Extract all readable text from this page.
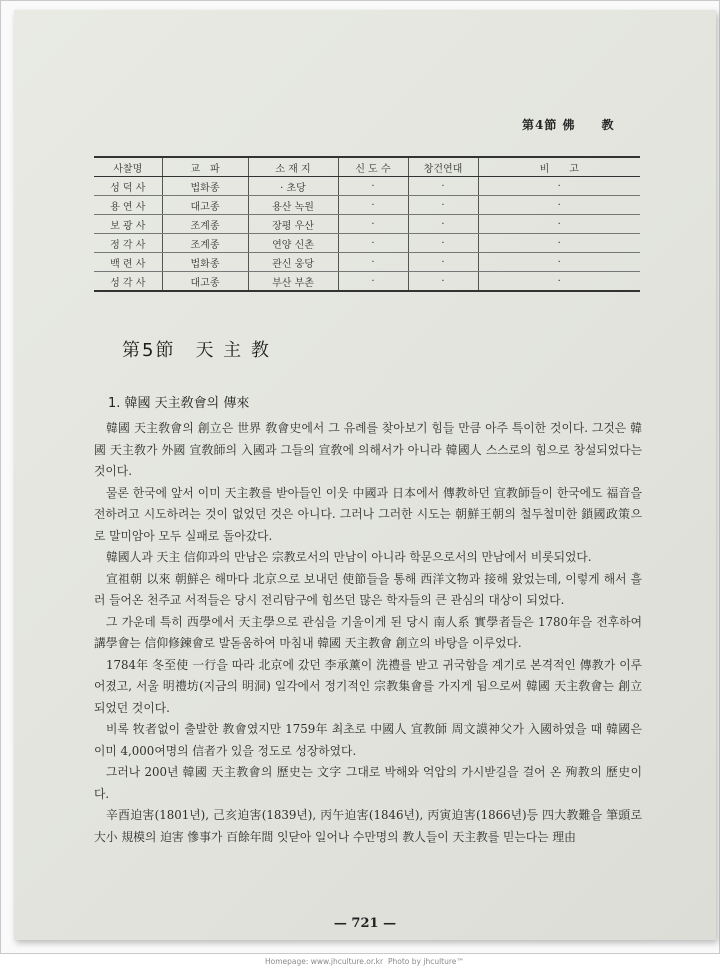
第4節 佛　　教
사찰명	교　파	소 재 지	신 도 수	창건연대	비　　고
성 덕 사	법화종	· 초당	·	·	·
용 연 사	대고종	용산 녹원	·	·	·
보 광 사	조계종	장평 우산	·	·	·
정 각 사	조계종	연양 신촌	·	·	·
백 련 사	법화종	관신 웅당	·	·	·
성 각 사	대고종	부산 부촌	·	·	·
第5節　天 主 教
1. 韓國 天主敎會의 傳來

韓國 天主敎會의 創立은 世界 敎會史에서 그 유례를 찾아보기 힘들 만큼 아주 특이한 것이다. 그것은 韓國 天主敎가 外國 宣敎師의 入國과 그들의 宣敎에 의해서가 아니라 韓國人 스스로의 힘으로 창설되었다는 것이다.

물론 한국에 앞서 이미 天主教를 받아들인 이웃 中國과 日本에서 傳教하던 宣教師들이 한국에도 福音을 전하려고 시도하려는 것이 없었던 것은 아니다. 그러나 그러한 시도는 朝鮮王朝의 철두철미한 鎖國政策으로 말미암아 모두 실패로 돌아갔다.

韓國人과 天主 信仰과의 만남은 宗教로서의 만남이 아니라 학문으로서의 만남에서 비롯되었다.

宣祖朝 以來 朝鮮은 해마다 北京으로 보내던 使節들을 통해 西洋文物과 接해 왔었는데, 이렇게 해서 흘러 들어온 천주교 서적들은 당시 전리탐구에 힘쓰던 많은 학자들의 큰 관심의 대상이 되었다.

그 가운데 특히 西學에서 天主學으로 관심을 기울이게 된 당시 南人系 實學者들은 1780年을 전후하여 講學會는 信仰修鍊會로 발돋움하여 마침내 韓國 天主教會 創立의 바탕을 이루었다.

1784年 冬至使 一行을 따라 北京에 갔던 李承薰이 洗禮를 받고 귀국함을 계기로 본격적인 傳教가 이루어졌고, 서울 明禮坊(지금의 明洞) 일각에서 정기적인 宗教集會를 가지게 됨으로써 韓國 天主敎會는 創立되었던 것이다.

비록 牧者없이 출발한 教會였지만 1759年 최초로 中國人 宣教師 周文謨神父가 入國하였을 때 韓國은 이미 4,000여명의 信者가 있을 정도로 성장하였다.

그러나 200년 韓國 天主教會의 歷史는 文字 그대로 박해와 억압의 가시받길을 걸어 온 殉教의 歷史이다.

辛酉迫害(1801년), 己亥迫害(1839년), 丙午迫害(1846년), 丙寅迫害(1866년)등 四大教難을 筆頭로 大小 規模의 迫害 慘事가 百餘年間 잇닫아 일어나 수만명의 教人들이 天主教를 믿는다는 理由

— 721 —
Homepage: www.jhculture.or.kr Photo by jhculture™
